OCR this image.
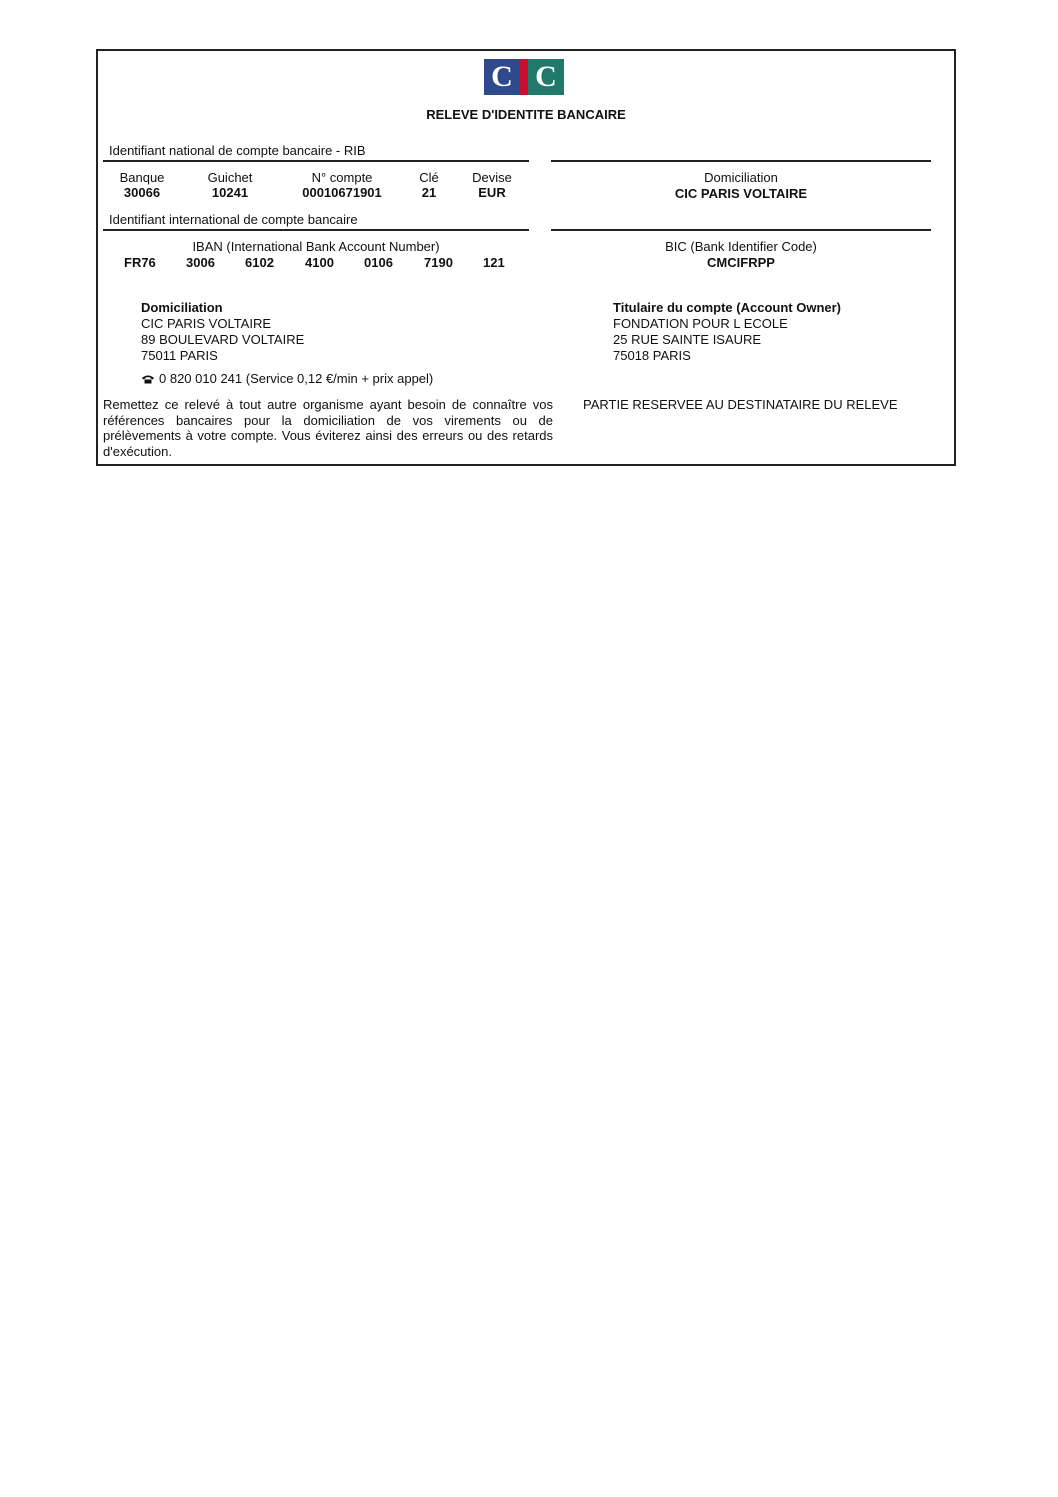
C C
RELEVE D'IDENTITE BANCAIRE
Identifiant national de compte bancaire - RIB
Banque
30066
Guichet
10241
N° compte
00010671901
Clé
21
Devise
EUR
Identifiant international de compte bancaire
IBAN (International Bank Account Number)
FR76 3006 6102 4100 0106 7190 121
Domiciliation
CIC PARIS VOLTAIRE
BIC (Bank Identifier Code)
CMCIFRPP
Domiciliation
CIC PARIS VOLTAIRE
89 BOULEVARD VOLTAIRE
75011 PARIS
0 820 010 241 (Service 0,12 €/min + prix appel)
Titulaire du compte (Account Owner)
FONDATION POUR L ECOLE
25 RUE SAINTE ISAURE
75018 PARIS
Remettez ce relevé à tout autre organisme ayant besoin de connaître vos références bancaires pour la domiciliation de vos virements ou de prélèvements à votre compte. Vous éviterez ainsi des erreurs ou des retards d'exécution.
PARTIE RESERVEE AU DESTINATAIRE DU RELEVE
